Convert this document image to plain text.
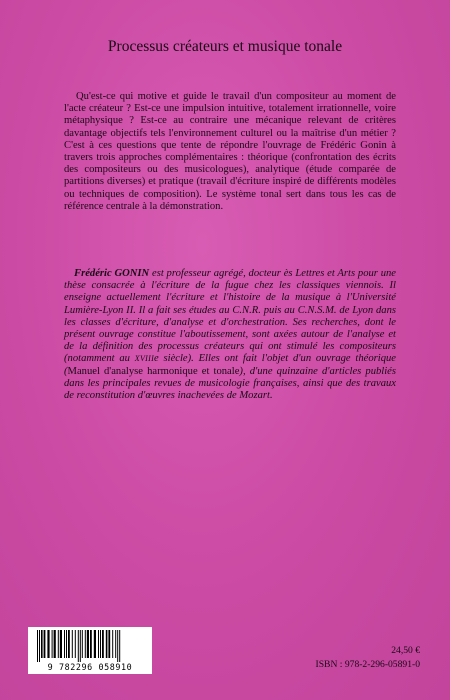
Processus créateurs et musique tonale

Qu'est-ce qui motive et guide le travail d'un compositeur au moment de l'acte créateur ? Est-ce une impulsion intuitive, totalement irrationnelle, voire métaphysique ? Est-ce au contraire une mécanique relevant de critères davantage objectifs tels l'environnement culturel ou la maîtrise d'un métier ? C'est à ces questions que tente de répondre l'ouvrage de Frédéric Gonin à travers trois approches complémentaires : théorique (confrontation des écrits des compositeurs ou des musicologues), analytique (étude comparée de partitions diverses) et pratique (travail d'écriture inspiré de différents modèles ou techniques de composition). Le système tonal sert dans tous les cas de référence centrale à la démonstration.

Frédéric GONIN est professeur agrégé, docteur ès Lettres et Arts pour une thèse consacrée à l'écriture de la fugue chez les classiques viennois. Il enseigne actuellement l'écriture et l'histoire de la musique à l'Université Lumière-Lyon II. Il a fait ses études au C.N.R. puis au C.N.S.M. de Lyon dans les classes d'écriture, d'analyse et d'orchestration. Ses recherches, dont le présent ouvrage constitue l'aboutissement, sont axées autour de l'analyse et de la définition des processus créateurs qui ont stimulé les compositeurs (notamment au XVIIIe siècle). Elles ont fait l'objet d'un ouvrage théorique (Manuel d'analyse harmonique et tonale), d'une quinzaine d'articles publiés dans les principales revues de musicologie françaises, ainsi que des travaux de reconstitution d'œuvres inachevées de Mozart.

9 782296 058910
24,50 €
ISBN : 978-2-296-05891-0
